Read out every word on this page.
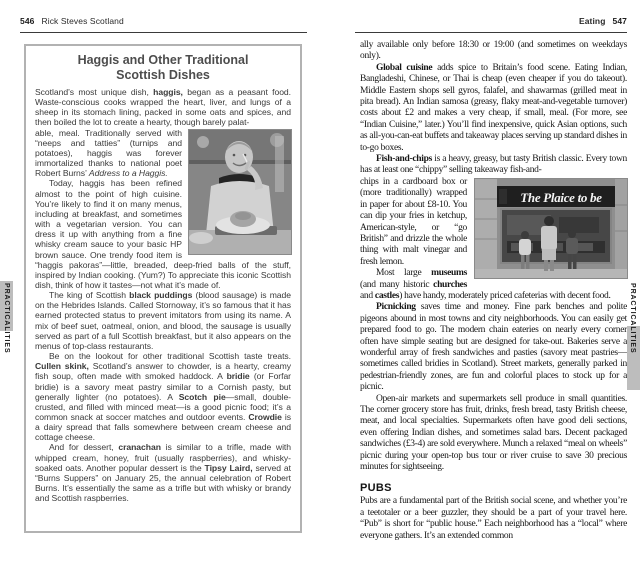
546 Rick Steves Scotland	Eating 547
Haggis and Other Traditional
Scottish Dishes

Scotland’s most unique dish, haggis, began as a peasant food. Waste-conscious cooks wrapped the heart, liver, and lungs of a sheep in its stomach lining, packed in some oats and spices, and then boiled the lot to create a hearty, though barely palat-

able, meal. Traditionally served with “neeps and tatties” (turnips and potatoes), haggis was forever immortalized thanks to national poet Robert Burns’ Address to a Haggis.

Today, haggis has been refined almost to the point of high cuisine. You’re likely to find it on many menus, including at breakfast, and sometimes with a vegetarian version. You can dress it up with anything from a fine whisky cream sauce to your basic HP brown sauce. One trendy food item is “haggis pakoras”—little, breaded, deep-fried balls of the stuff, inspired by Indian cooking. (Yum?) To appreciate this iconic Scottish dish, think of how it tastes—not what it’s made of.

The king of Scottish black puddings (blood sausage) is made on the Hebrides Islands. Called Stornoway, it’s so famous that it has earned protected status to prevent imitators from using its name. A mix of beef suet, oatmeal, onion, and blood, the sausage is usually served as part of a full Scottish breakfast, but it also appears on the menus of top-class restaurants.

Be on the lookout for other traditional Scottish taste treats. Cullen skink, Scotland’s answer to chowder, is a hearty, creamy fish soup, often made with smoked haddock. A bridie (or Forfar bridie) is a savory meat pastry similar to a Cornish pasty, but generally lighter (no potatoes). A Scotch pie—small, double-crusted, and filled with minced meat—is a good picnic food; it’s a common snack at soccer matches and outdoor events. Crowdie is a dairy spread that falls somewhere between cream cheese and cottage cheese.

And for dessert, cranachan is similar to a trifle, made with whipped cream, honey, fruit (usually raspberries), and whisky-soaked oats. Another popular dessert is the Tipsy Laird, served at “Burns Suppers” on January 25, the annual celebration of Robert Burns. It’s essentially the same as a trifle but with whisky or brandy and Scottish raspberries.

ally available only before 18:30 or 19:00 (and sometimes on weekdays only).

Global cuisine adds spice to Britain’s food scene. Eating Indian, Bangladeshi, Chinese, or Thai is cheap (even cheaper if you do takeout). Middle Eastern shops sell gyros, falafel, and shawarmas (grilled meat in pita bread). An Indian samosa (greasy, flaky meat-and-vegetable turnover) costs about £2 and makes a very cheap, if small, meal. (For more, see “Indian Cuisine,” later.) You’ll find inexpensive, quick Asian options, such as all-you-can-eat buffets and takeaway places serving up standard dishes in to-go boxes.

Fish-and-chips is a heavy, greasy, but tasty British classic. Every town has at least one “chippy” selling takeaway fish-and-

The Plaice to be

chips in a cardboard box or (more traditionally) wrapped in paper for about £8-10. You can dip your fries in ketchup, American-style, or “go British” and drizzle the whole thing with malt vinegar and fresh lemon.

Most large museums (and many historic churches and castles) have handy, moderately priced cafeterias with decent food.

Picnicking saves time and money. Fine park benches and polite pigeons abound in most towns and city neighborhoods. You can easily get prepared food to go. The modern chain eateries on nearly every corner often have simple seating but are designed for take-out. Bakeries serve a wonderful array of fresh sandwiches and pasties (savory meat pastries—sometimes called bridies in Scotland). Street markets, generally parked in pedestrian-friendly zones, are fun and colorful places to stock up for a picnic.

Open-air markets and supermarkets sell produce in small quantities. The corner grocery store has fruit, drinks, fresh bread, tasty British cheese, meat, and local specialties. Supermarkets often have good deli sections, even offering Indian dishes, and sometimes salad bars. Decent packaged sandwiches (£3-4) are sold everywhere. Munch a relaxed “meal on wheels” picnic during your open-top bus tour or river cruise to save 30 precious minutes for sightseeing.

PUBS

Pubs are a fundamental part of the British social scene, and whether you’re a teetotaler or a beer guzzler, they should be a part of your travel here. “Pub” is short for “public house.” Each neighborhood has a “local” where everyone gathers. It’s an extended common

PRACTICALITIES	PRACTICALITIES
